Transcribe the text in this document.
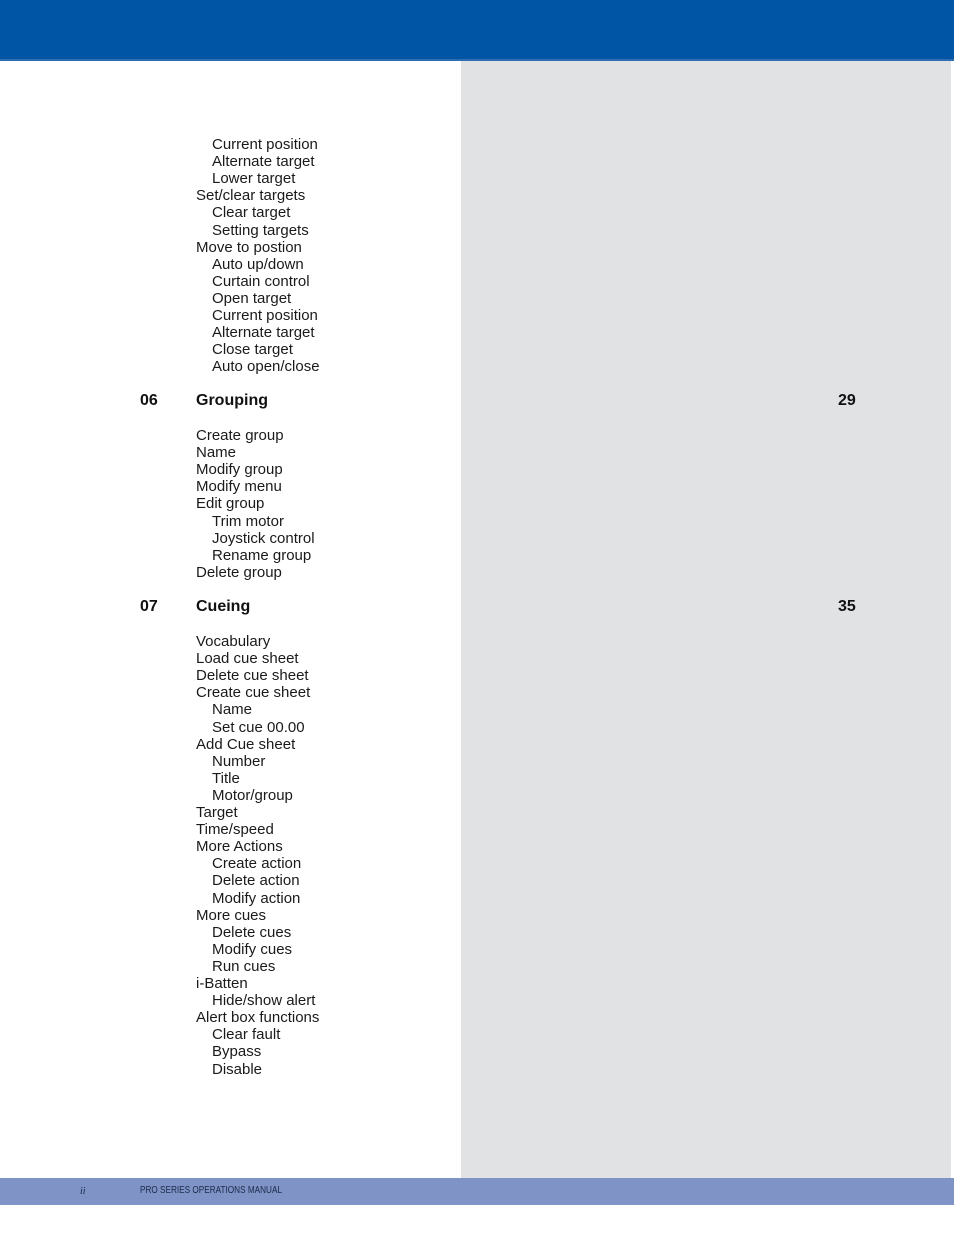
Current position
Alternate target
Lower target
Set/clear targets
Clear target
Setting targets
Move to postion
Auto up/down
Curtain control
Open target
Current position
Alternate target
Close target
Auto open/close
06 Grouping	29
Create group
Name
Modify group
Modify menu
Edit group
Trim motor
Joystick control
Rename group
Delete group
07 Cueing	35
Vocabulary
Load cue sheet
Delete cue sheet
Create cue sheet
Name
Set cue 00.00
Add Cue sheet
Number
Title
Motor/group
Target
Time/speed
More Actions
Create action
Delete action
Modify action
More cues
Delete cues
Modify cues
Run cues
i-Batten
Hide/show alert
Alert box functions
Clear fault
Bypass
Disable
ii	PRO SERIES OPERATIONS MANUAL
